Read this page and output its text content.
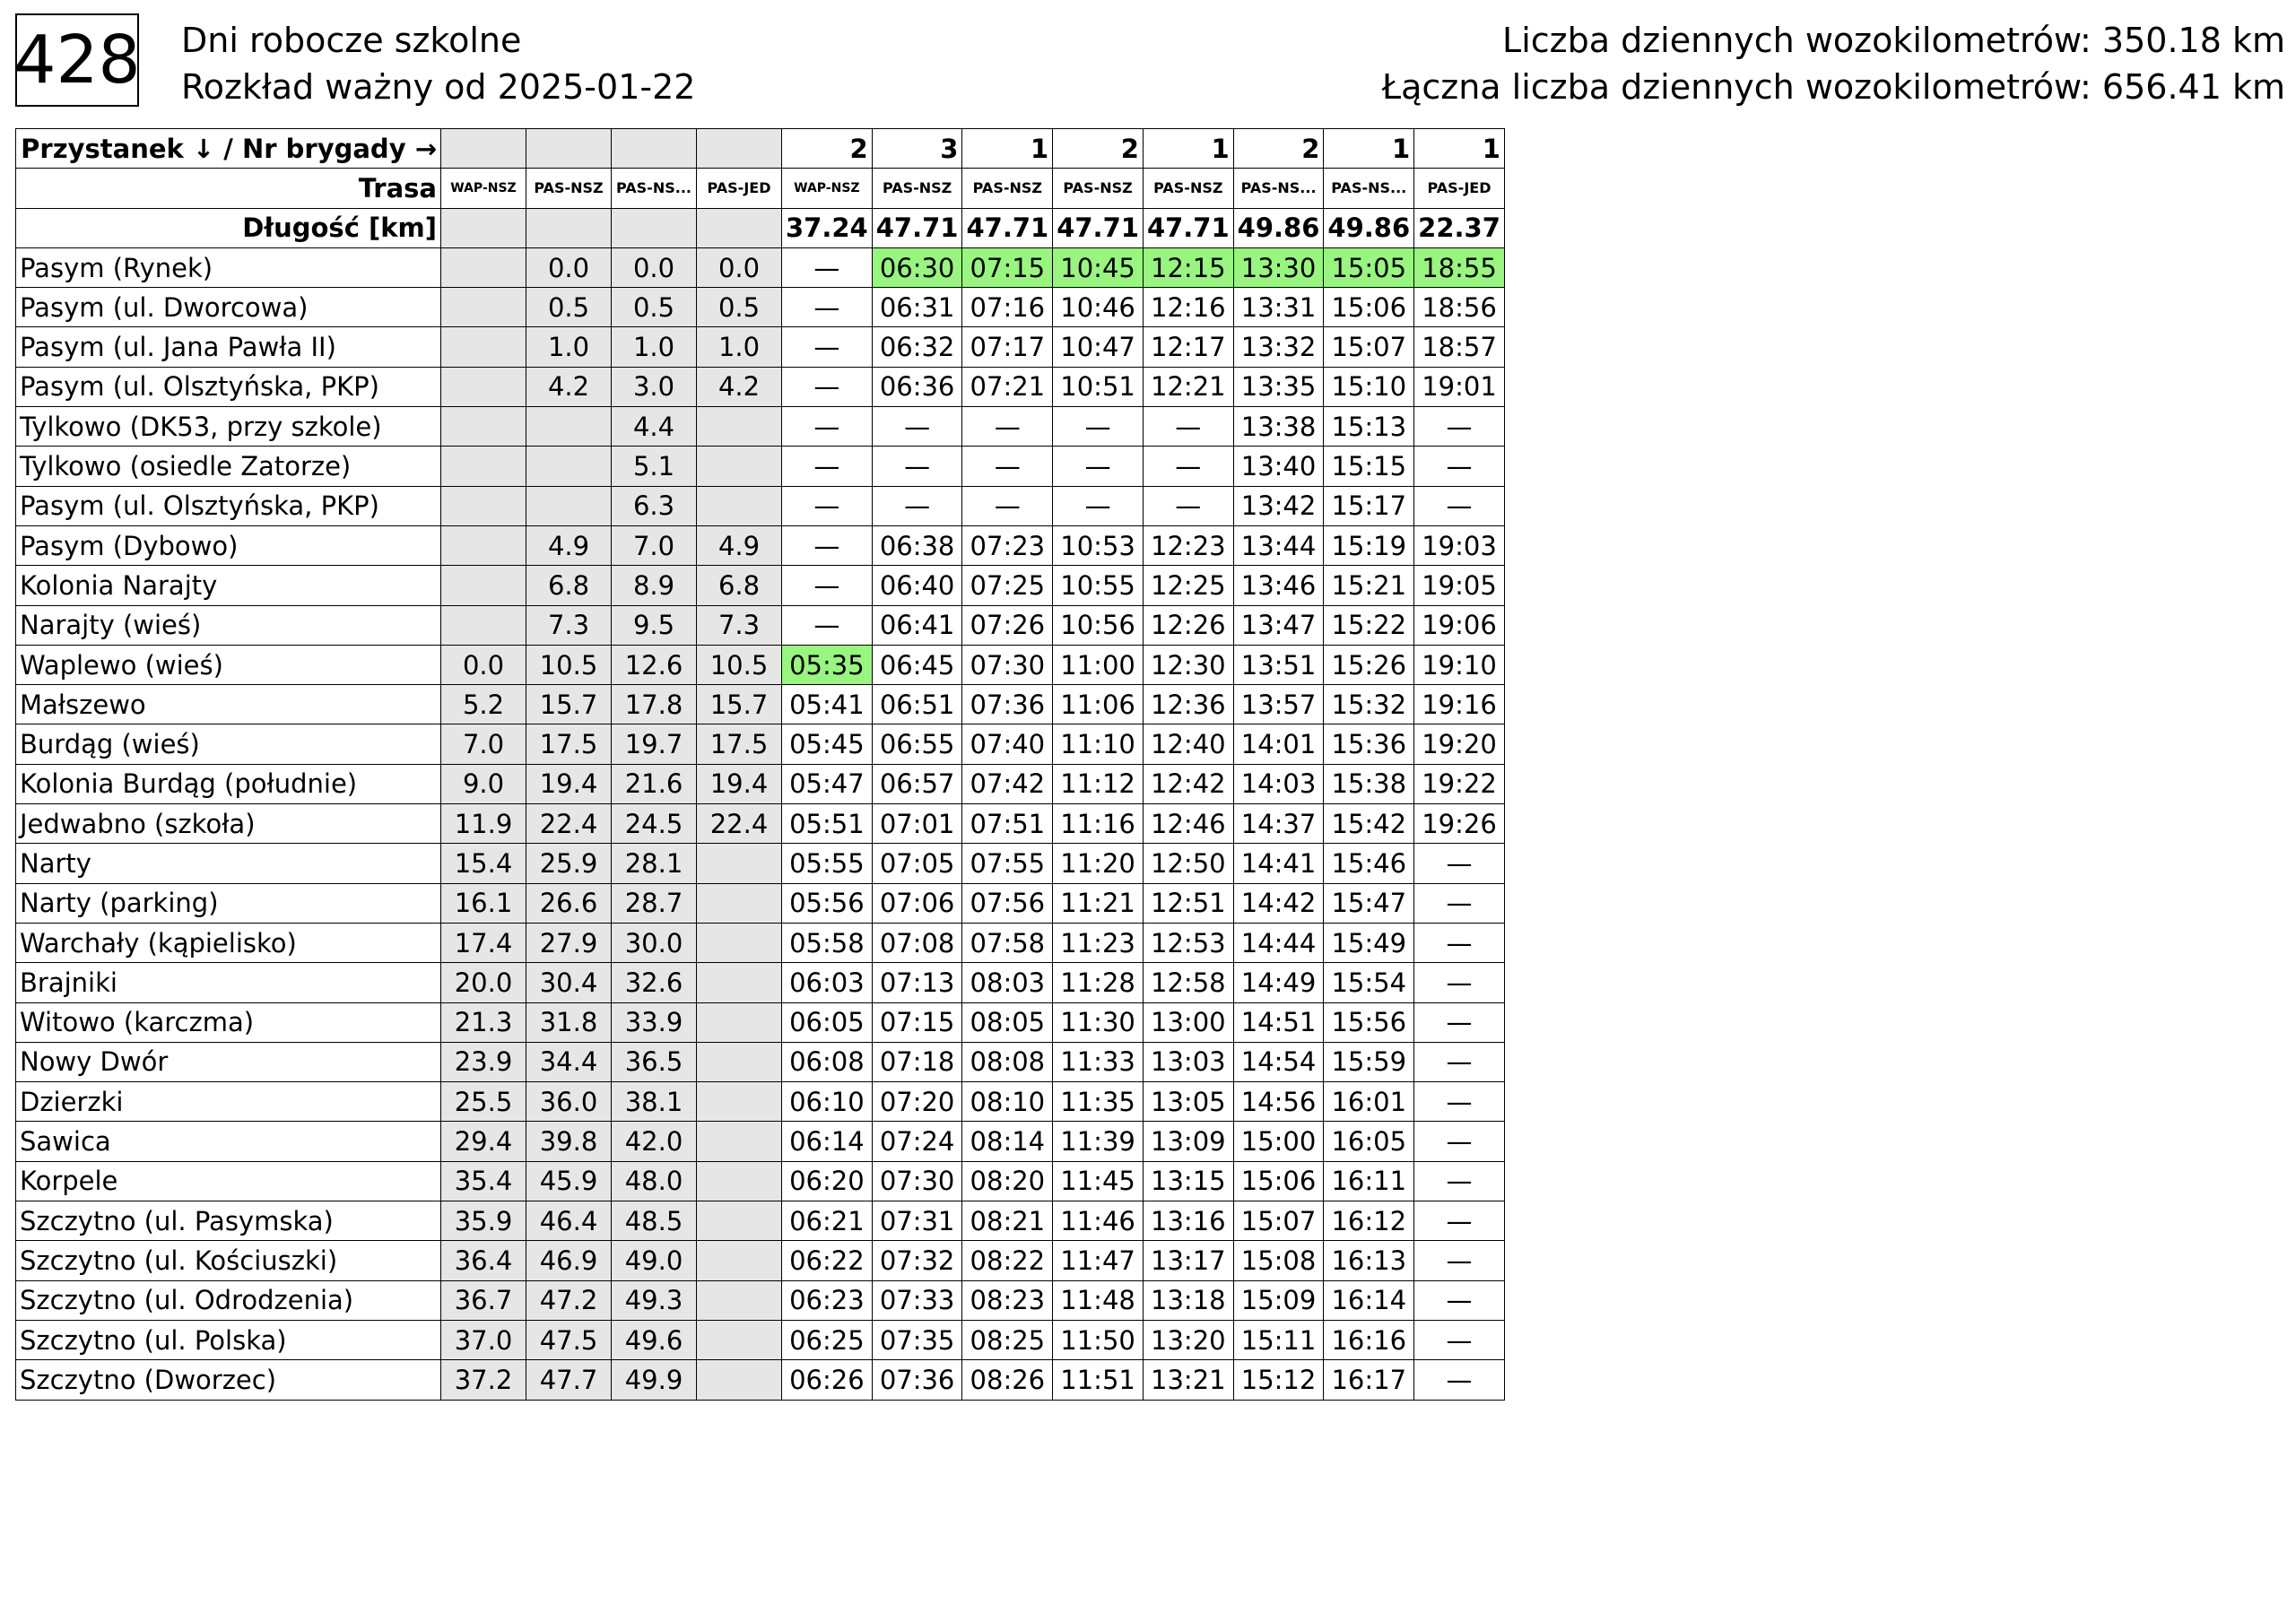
428 Dni robocze szkolne
Rozkład ważny od 2025-01-22
Liczba dziennych wozokilometrów: 350.18 km
Łączna liczba dziennych wozokilometrów: 656.41 km
Przystanek ↓ / Nr brygady →					2	3	1	2	1	2	1	1
Trasa	WAP-NSZ	PAS-NSZ	PAS-NS...	PAS-JED	WAP-NSZ	PAS-NSZ	PAS-NSZ	PAS-NSZ	PAS-NSZ	PAS-NS...	PAS-NS...	PAS-JED
Długość [km]					37.24	47.71	47.71	47.71	47.71	49.86	49.86	22.37
Pasym (Rynek)		0.0	0.0	0.0	—	06:30	07:15	10:45	12:15	13:30	15:05	18:55
Pasym (ul. Dworcowa)		0.5	0.5	0.5	—	06:31	07:16	10:46	12:16	13:31	15:06	18:56
Pasym (ul. Jana Pawła II)		1.0	1.0	1.0	—	06:32	07:17	10:47	12:17	13:32	15:07	18:57
Pasym (ul. Olsztyńska, PKP)		4.2	3.0	4.2	—	06:36	07:21	10:51	12:21	13:35	15:10	19:01
Tylkowo (DK53, przy szkole)			4.4		—	—	—	—	—	13:38	15:13	—
Tylkowo (osiedle Zatorze)			5.1		—	—	—	—	—	13:40	15:15	—
Pasym (ul. Olsztyńska, PKP)			6.3		—	—	—	—	—	13:42	15:17	—
Pasym (Dybowo)		4.9	7.0	4.9	—	06:38	07:23	10:53	12:23	13:44	15:19	19:03
Kolonia Narajty		6.8	8.9	6.8	—	06:40	07:25	10:55	12:25	13:46	15:21	19:05
Narajty (wieś)		7.3	9.5	7.3	—	06:41	07:26	10:56	12:26	13:47	15:22	19:06
Waplewo (wieś)	0.0	10.5	12.6	10.5	05:35	06:45	07:30	11:00	12:30	13:51	15:26	19:10
Małszewo	5.2	15.7	17.8	15.7	05:41	06:51	07:36	11:06	12:36	13:57	15:32	19:16
Burdąg (wieś)	7.0	17.5	19.7	17.5	05:45	06:55	07:40	11:10	12:40	14:01	15:36	19:20
Kolonia Burdąg (południe)	9.0	19.4	21.6	19.4	05:47	06:57	07:42	11:12	12:42	14:03	15:38	19:22
Jedwabno (szkoła)	11.9	22.4	24.5	22.4	05:51	07:01	07:51	11:16	12:46	14:37	15:42	19:26
Narty	15.4	25.9	28.1		05:55	07:05	07:55	11:20	12:50	14:41	15:46	—
Narty (parking)	16.1	26.6	28.7		05:56	07:06	07:56	11:21	12:51	14:42	15:47	—
Warchały (kąpielisko)	17.4	27.9	30.0		05:58	07:08	07:58	11:23	12:53	14:44	15:49	—
Brajniki	20.0	30.4	32.6		06:03	07:13	08:03	11:28	12:58	14:49	15:54	—
Witowo (karczma)	21.3	31.8	33.9		06:05	07:15	08:05	11:30	13:00	14:51	15:56	—
Nowy Dwór	23.9	34.4	36.5		06:08	07:18	08:08	11:33	13:03	14:54	15:59	—
Dzierzki	25.5	36.0	38.1		06:10	07:20	08:10	11:35	13:05	14:56	16:01	—
Sawica	29.4	39.8	42.0		06:14	07:24	08:14	11:39	13:09	15:00	16:05	—
Korpele	35.4	45.9	48.0		06:20	07:30	08:20	11:45	13:15	15:06	16:11	—
Szczytno (ul. Pasymska)	35.9	46.4	48.5		06:21	07:31	08:21	11:46	13:16	15:07	16:12	—
Szczytno (ul. Kościuszki)	36.4	46.9	49.0		06:22	07:32	08:22	11:47	13:17	15:08	16:13	—
Szczytno (ul. Odrodzenia)	36.7	47.2	49.3		06:23	07:33	08:23	11:48	13:18	15:09	16:14	—
Szczytno (ul. Polska)	37.0	47.5	49.6		06:25	07:35	08:25	11:50	13:20	15:11	16:16	—
Szczytno (Dworzec)	37.2	47.7	49.9		06:26	07:36	08:26	11:51	13:21	15:12	16:17	—
